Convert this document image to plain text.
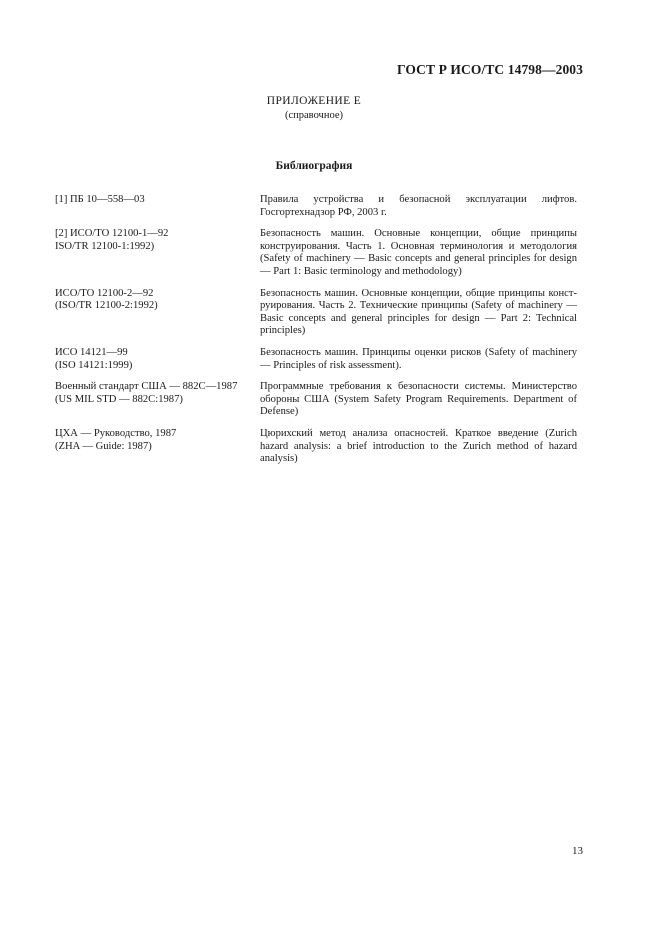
ГОСТ Р ИСО/ТС 14798—2003
ПРИЛОЖЕНИЕ Е
(справочное)
Библиография
[1] ПБ 10—558—03	Правила устройства и безопасной эксплуатации лифтов. Госгортехнадзор РФ, 2003 г.
[2] ИСО/ТО 12100-1—92
ISO/TR 12100-1:1992)
Безопасность машин. Основные концепции, общие принципы конструирования. Часть 1. Основная терминология и методология (Safety of machinery — Basic concepts and general principles for design — Part 1: Basic terminology and methodology)
ИСО/ТО 12100-2—92
(ISO/TR 12100-2:1992)
Безопасность машин. Основные концепции, общие принципы конст- руирования. Часть 2. Технические принципы (Safety of machinery — Basic concepts and general principles for design — Part 2: Technical principles)
ИСО 14121—99
(ISO 14121:1999)
Безопасность машин. Принципы оценки рисков (Safety of machinery — Principles of risk assessment).
Военный стандарт США — 882С—1987
(US MIL STD — 882C:1987)
Программные требования к безопасности системы. Министерство обороны США (System Safety Program Requirements. Department of Defense)
ЦХА — Руководство, 1987
(ZHA — Guide: 1987)
Цюрихский метод анализа опасностей. Краткое введение (Zurich hazard analysis: a brief introduction to the Zurich method of hazard analysis)
13
